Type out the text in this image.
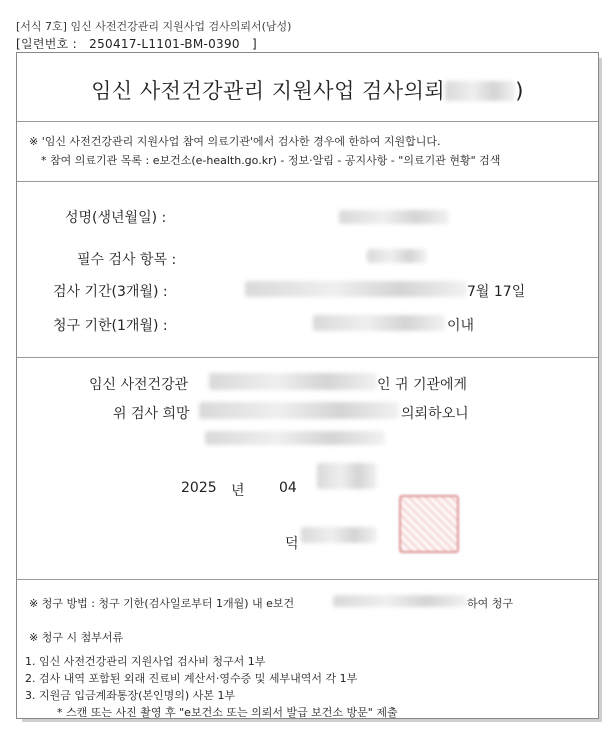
[서식 7호] 임신 사전건강관리 지원사업 검사의뢰서(남성)
[일련번호 : 250417-L1101-BM-0390 ]
임신 사전건강관리 지원사업 검사의뢰	)
※ '임신 사전건강관리 지원사업 참여 의료기관'에서 검사한 경우에 한하여 지원합니다.
* 참여 의료기관 목록 : e보건소(e-health.go.kr) - 정보·알림 - 공지사항 - "의료기관 현황" 검색
성명(생년월일) :
필수 검사 항목 :
검사 기간(3개월) :	7월 17일
청구 기한(1개월) :	이내
임신 사전건강관	인 귀 기관에게
위 검사 희망	의뢰하오니
2025 년 04
덕
※ 청구 방법 : 청구 기한(검사일로부터 1개월) 내 e보건	하여 청구
※ 청구 시 첨부서류
1. 임신 사전건강관리 지원사업 검사비 청구서 1부
2. 검사 내역 포함된 외래 진료비 계산서·영수증 및 세부내역서 각 1부
3. 지원금 입금계좌통장(본인명의) 사본 1부
* 스캔 또는 사진 촬영 후 "e보건소 또는 의뢰서 발급 보건소 방문" 제출
